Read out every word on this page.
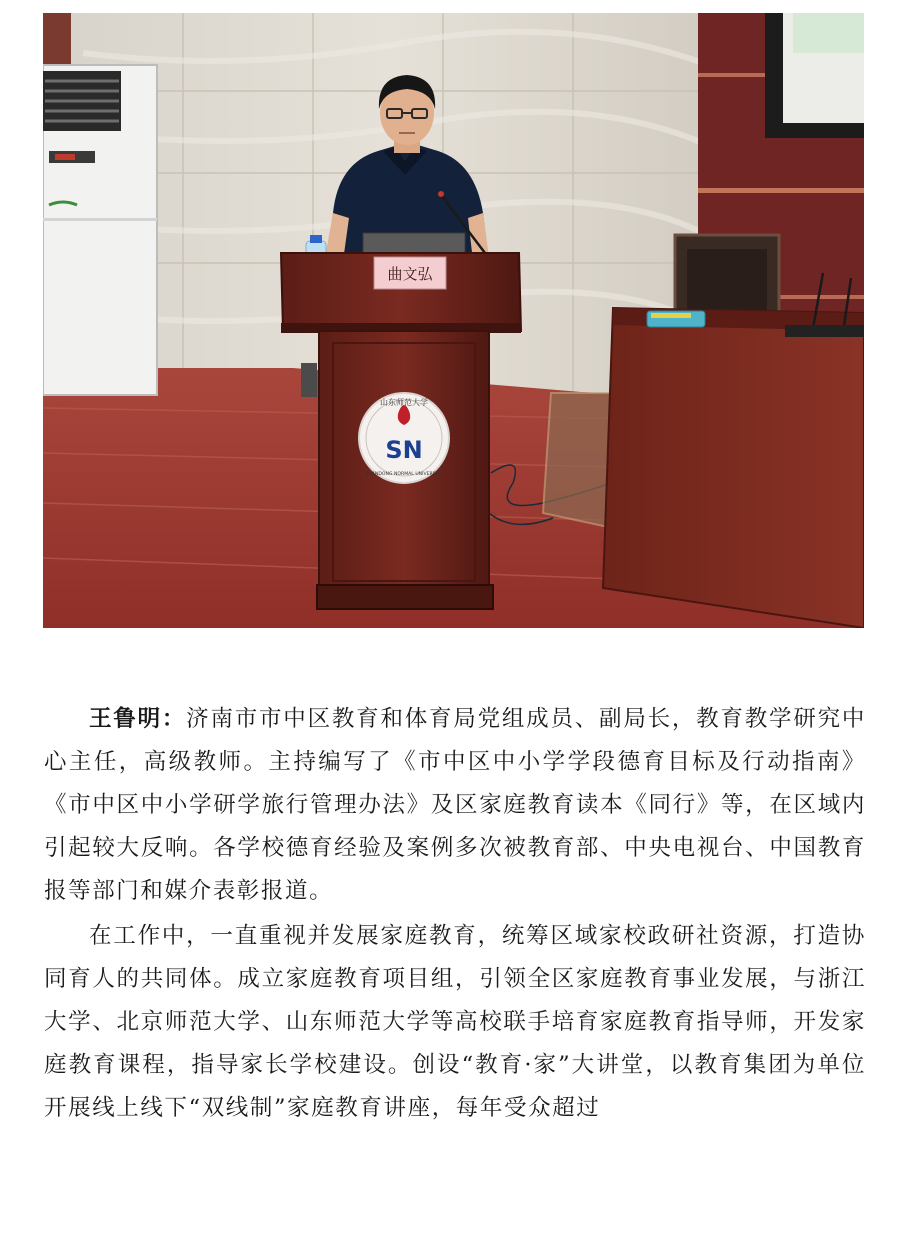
曲文弘
SN
山东师范大学
SHANDONG NORMAL UNIVERSITY

王鲁明：济南市市中区教育和体育局党组成员、副局长，教育教学研究中心主任，高级教师。主持编写了《市中区中小学学段德育目标及行动指南》《市中区中小学研学旅行管理办法》及区家庭教育读本《同行》等，在区域内引起较大反响。各学校德育经验及案例多次被教育部、中央电视台、中国教育报等部门和媒介表彰报道。

在工作中，一直重视并发展家庭教育，统筹区域家校政研社资源，打造协同育人的共同体。成立家庭教育项目组，引领全区家庭教育事业发展，与浙江大学、北京师范大学、山东师范大学等高校联手培育家庭教育指导师，开发家庭教育课程，指导家长学校建设。创设“教育·家”大讲堂，以教育集团为单位开展线上线下“双线制”家庭教育讲座，每年受众超过
